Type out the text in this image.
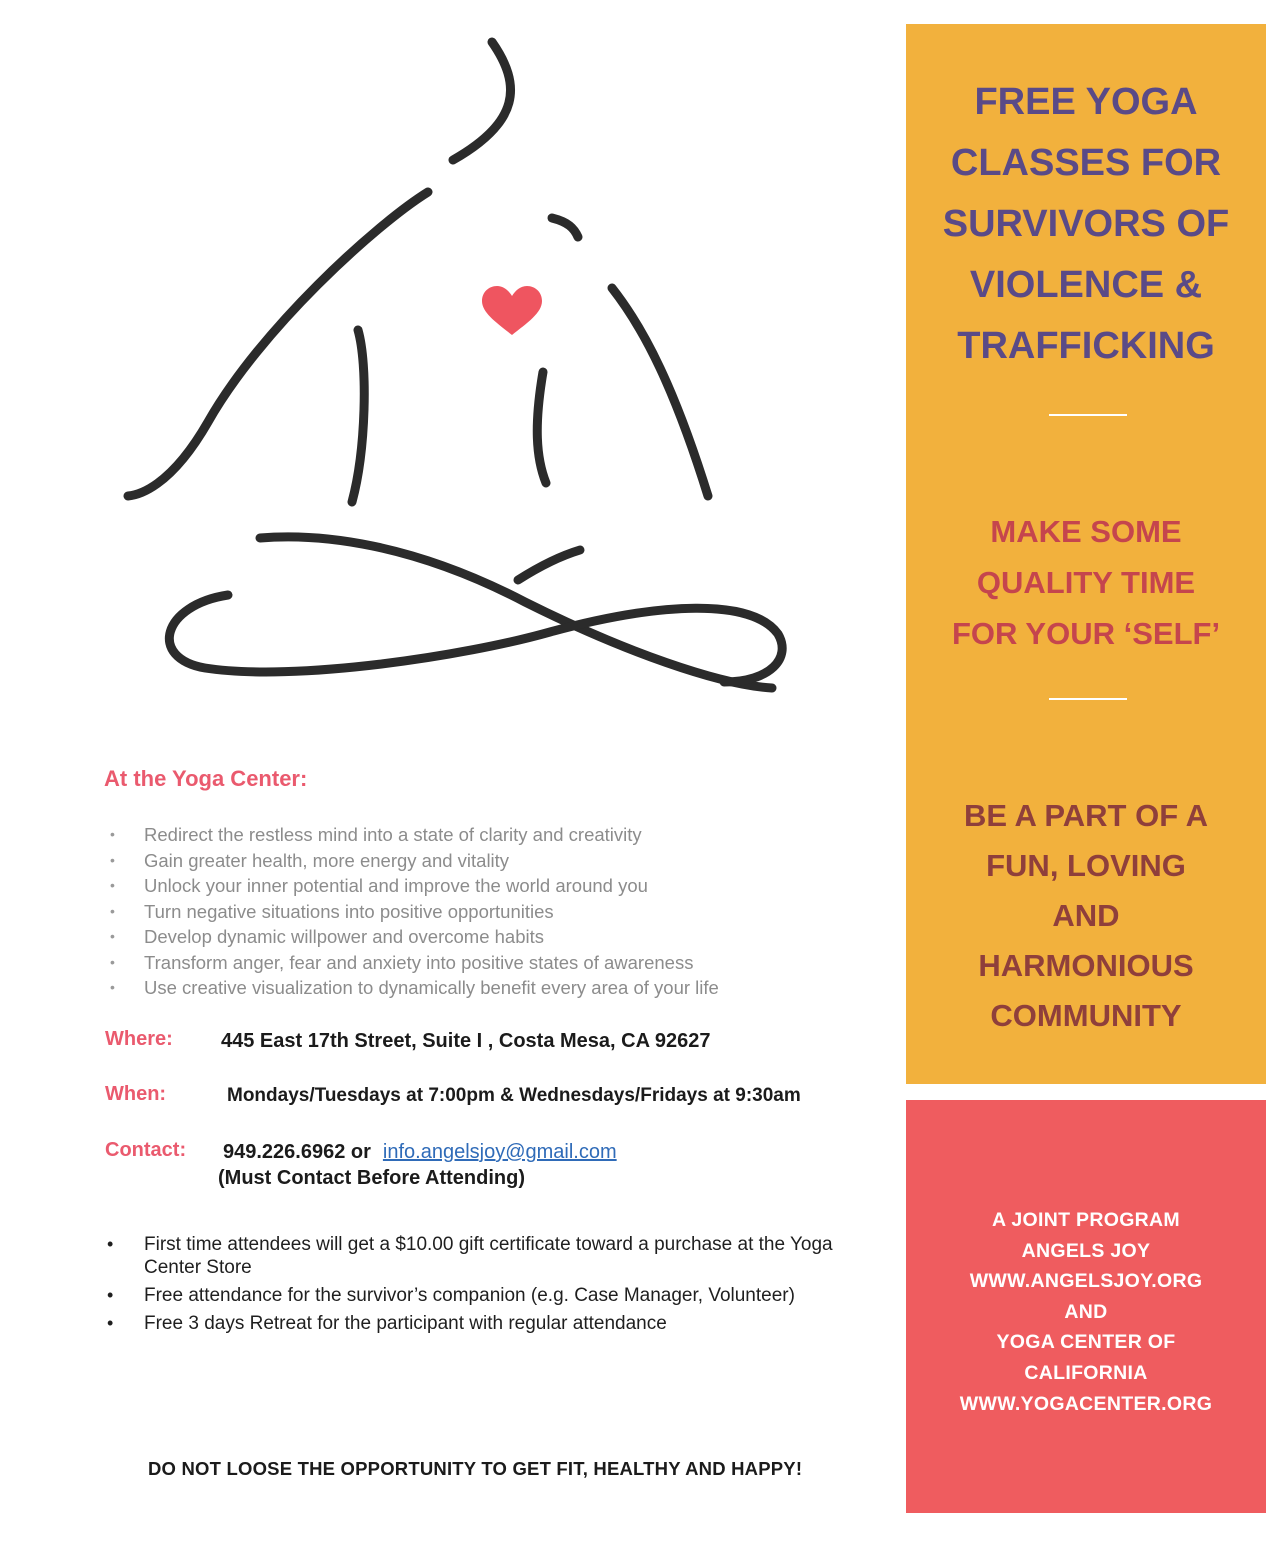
At the Yoga Center:
• Redirect the restless mind into a state of clarity and creativity
• Gain greater health, more energy and vitality
• Unlock your inner potential and improve the world around you
• Turn negative situations into positive opportunities
• Develop dynamic willpower and overcome habits
• Transform anger, fear and anxiety into positive states of awareness
• Use creative visualization to dynamically benefit every area of your life
Where: 445 East 17th Street, Suite I , Costa Mesa, CA 92627
When:	Mondays/Tuesdays at 7:00pm & Wednesdays/Fridays at 9:30am
Contact: 949.226.6962 or info.angelsjoy@gmail.com
(Must Contact Before Attending)
• First time attendees will get a $10.00 gift certificate toward a purchase at the Yoga Center Store
• Free attendance for the survivor’s companion (e.g. Case Manager, Volunteer)
• Free 3 days Retreat for the participant with regular attendance

DO NOT LOOSE THE OPPORTUNITY TO GET FIT, HEALTHY AND HAPPY!

FREE YOGA
CLASSES FOR
SURVIVORS OF
VIOLENCE &
TRAFFICKING
MAKE SOME
QUALITY TIME
FOR YOUR ‘SELF’
BE A PART OF A
FUN, LOVING
AND
HARMONIOUS
COMMUNITY
A JOINT PROGRAM
ANGELS JOY
WWW.ANGELSJOY.ORG
AND
YOGA CENTER OF
CALIFORNIA
WWW.YOGACENTER.ORG
